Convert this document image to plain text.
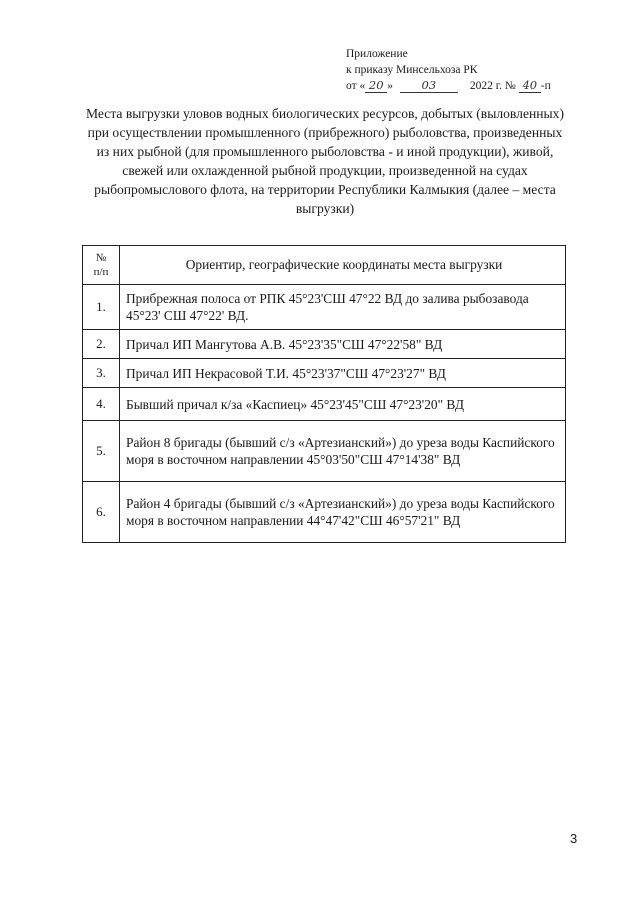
Приложение
к приказу Минсельхоза РК
от « 20 » 03	2022 г. № 40 -п
Места выгрузки уловов водных биологических ресурсов, добытых (выловленных)
при осуществлении промышленного (прибрежного) рыболовства, произведенных
из них рыбной (для промышленного рыболовства - и иной продукции), живой,
свежей или охлажденной рыбной продукции, произведенной на судах
рыбопромыслового флота, на территории Республики Калмыкия (далее – места
выгрузки)
№
п/п	Ориентир, географические координаты места выгрузки
1.	Прибрежная полоса от РПК 45°23'СШ 47°22 ВД до залива рыбозавода 45°23' СШ 47°22' ВД.
2.	Причал ИП Мангутова А.В. 45°23'35"СШ 47°22'58" ВД
3.	Причал ИП Некрасовой Т.И. 45°23'37"СШ 47°23'27" ВД
4.	Бывший причал к/за «Каспиец» 45°23'45"СШ 47°23'20" ВД
5.	Район 8 бригады (бывший с/з «Артезианский») до уреза воды Каспийского моря в восточном направлении 45°03'50"СШ 47°14'38" ВД
6.	Район 4 бригады (бывший с/з «Артезианский») до уреза воды Каспийского моря в восточном направлении 44°47'42"СШ 46°57'21" ВД
3
